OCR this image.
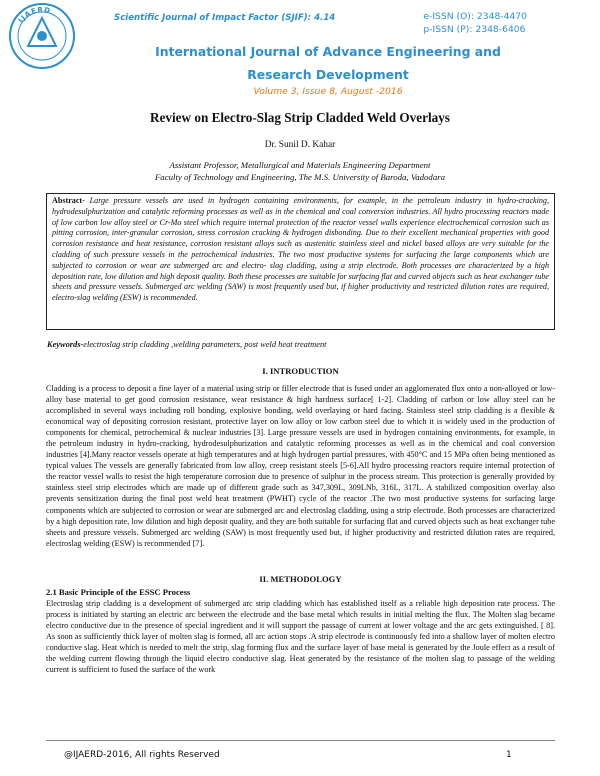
IJAERD
Scientific Journal of Impact Factor (SJIF): 4.14	e-ISSN (O): 2348-4470
p-ISSN (P): 2348-6406
International Journal of Advance Engineering and Research Development
Volume 3, Issue 8, August -2016
Review on Electro-Slag Strip Cladded Weld Overlays
Dr. Sunil D. Kahar
Assistant Professor, Metallurgical and Materials Engineering Department
Faculty of Technology and Engineering, The M.S. University of Baroda, Vadodara
Abstract- Large pressure vessels are used in hydrogen containing environments, for example, in the petroleum industry in hydro-cracking, hydrodesulphurization and catalytic reforming processes as well as in the chemical and coal conversion industries. All hydro processing reactors made of low carbon low alloy steel or Cr-Mo steel which require internal protection of the reactor vessel walls experience electrochemical corrosion such as pitting corrosion, inter-granular corrosion, stress corrosion cracking & hydrogen disbonding. Due to their excellent mechanical properties with good corrosion resistance and heat resistance, corrosion resistant alloys such as austenitic stainless steel and nickel based alloys are very suitable for the cladding of such pressure vessels in the petrochemical industries. The two most productive systems for surfacing the large components which are subjected to corrosion or wear are submerged arc and electro- slag cladding, using a strip electrode. Both processes are characterized by a high deposition rate, low dilution and high deposit quality. Both these processes are suitable for surfacing flat and curved objects such as heat exchanger tube sheets and pressure vessels. Submerged arc welding (SAW) is most frequently used but, if higher productivity and restricted dilution rates are required, electro-slag welding (ESW) is recommended.
Keywords-electroslag strip cladding ,welding parameters, post weld heat treatment
I. INTRODUCTION
Cladding is a process to deposit a fine layer of a material using strip or filler electrode that is fused under an agglomerated flux onto a non-alloyed or low-alloy base material to get good corrosion resistance, wear resistance & high hardness surface[ 1-2]. Cladding of carbon or low alloy steel can be accomplished in several ways including roll bonding, explosive bonding, weld overlaying or hard facing. Stainless steel strip cladding is a flexible & economical way of depositing corrosion resistant, protective layer on low alloy or low carbon steel due to which it is widely used in the production of components for chemical, petrochemical & nuclear industries [3]. Large pressure vessels are used in hydrogen containing environments, for example, in the petroleum industry in hydro-cracking, hydrodesulphurization and catalytic reforming processes as well as in the chemical and coal conversion industries [4].Many reactor vessels operate at high temperatures and at high hydrogen partial pressures, with 450°C and 15 MPa often being mentioned as typical values The vessels are generally fabricated from low alloy, creep resistant steels [5-6].All hydro processing reactors require internal protection of the reactor vessel walls to resist the high temperature corrosion due to presence of sulphur in the process stream. This protection is generally provided by stainless steel strip electrodes which are made up of different grade such as 347,309L, 309LNb, 316L, 317L. A stabilized composition overlay also prevents sensitization during the final post weld heat treatment (PWHT) cycle of the reactor .The two most productive systems for surfacing large components which are subjected to corrosion or wear are submerged arc and electroslag cladding, using a strip electrode. Both processes are characterized by a high deposition rate, low dilution and high deposit quality, and they are both suitable for surfacing flat and curved objects such as heat exchanger tube sheets and pressure vessels. Submerged arc welding (SAW) is most frequently used but, if higher productivity and restricted dilution rates are required, electroslag welding (ESW) is recommended [7].
II. METHODOLOGY
2.1 Basic Principle of the ESSC Process
Electroslag strip cladding is a development of submerged arc strip cladding which has established itself as a reliable high deposition rate process. The process is initiated by starting an electric arc between the electrode and the base metal which results in initial melting the flux. The Molten slag became electro conductive due to the presence of special ingredient and it will support the passage of current at lower voltage and the arc gets extinguished. [ 8]. As soon as sufficiently thick layer of molten slag is formed, all arc action stops .A strip electrode is continuously fed into a shallow layer of molten electro conductive slag. Heat which is needed to melt the strip, slag forming flux and the surface layer of base metal is generated by the Joule effect as a result of the welding current flowing through the liquid electro conductive slag. Heat generated by the resistance of the molten slag to passage of the welding current is sufficient to fused the surface of the work
@IJAERD-2016, All rights Reserved	1
